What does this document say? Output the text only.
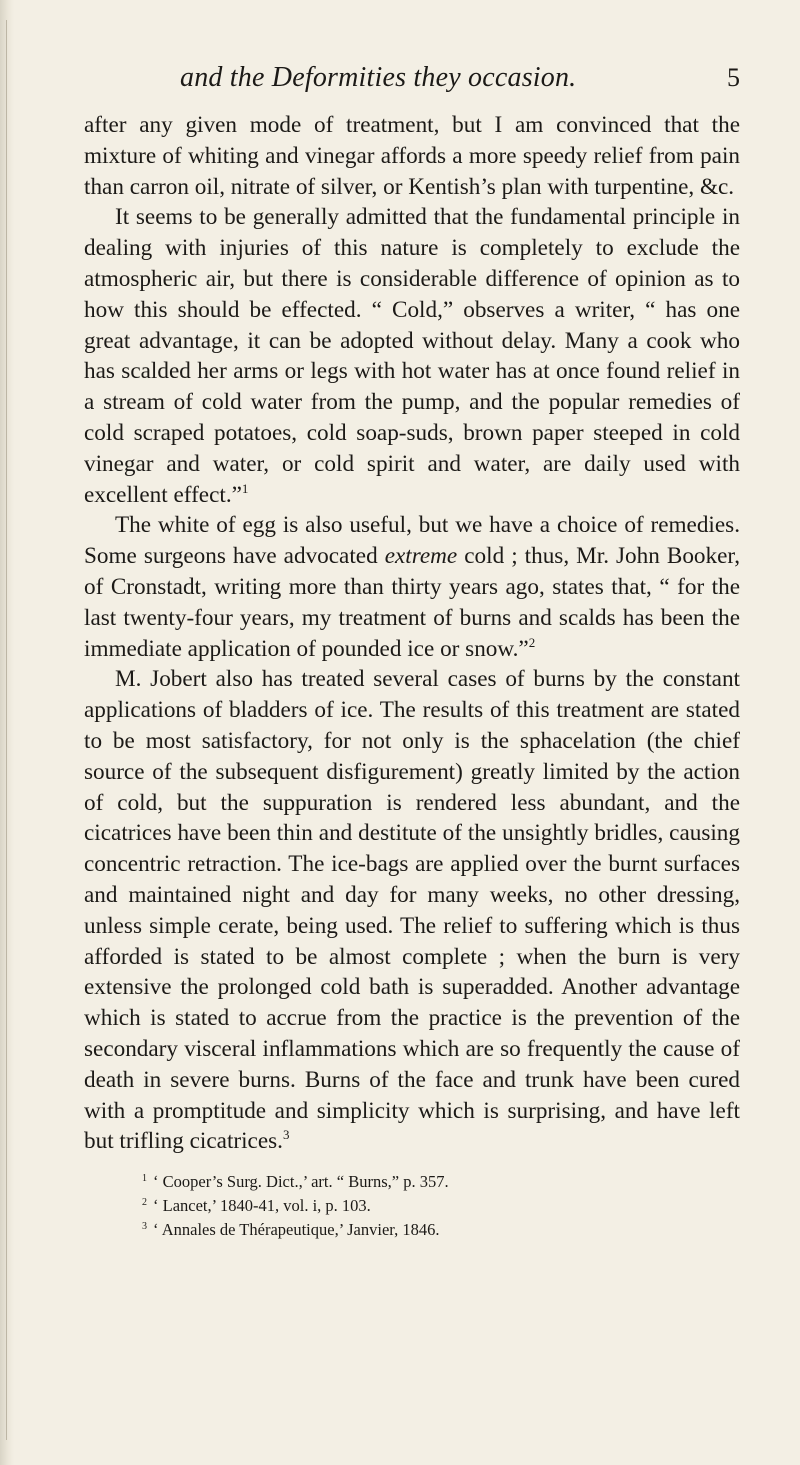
and the Deformities they occasion.	5

after any given mode of treatment, but I am convinced that the mixture of whiting and vinegar affords a more speedy relief from pain than carron oil, nitrate of silver, or Kentish’s plan with turpentine, &c.

It seems to be generally admitted that the fundamental principle in dealing with injuries of this nature is completely to exclude the atmospheric air, but there is considerable difference of opinion as to how this should be effected. “ Cold,” observes a writer, “ has one great advantage, it can be adopted without delay. Many a cook who has scalded her arms or legs with hot water has at once found relief in a stream of cold water from the pump, and the popular remedies of cold scraped potatoes, cold soap-suds, brown paper steeped in cold vinegar and water, or cold spirit and water, are daily used with excellent effect.”$^1$

The white of egg is also useful, but we have a choice of remedies. Some surgeons have advocated extreme cold ; thus, Mr. John Booker, of Cronstadt, writing more than thirty years ago, states that, “ for the last twenty-four years, my treatment of burns and scalds has been the immediate application of pounded ice or snow.”$^2$

M. Jobert also has treated several cases of burns by the constant applications of bladders of ice. The results of this treatment are stated to be most satisfactory, for not only is the sphacelation (the chief source of the subsequent disfigurement) greatly limited by the action of cold, but the suppuration is rendered less abundant, and the cicatrices have been thin and destitute of the unsightly bridles, causing concentric retraction. The ice-bags are applied over the burnt surfaces and maintained night and day for many weeks, no other dressing, unless simple cerate, being used. The relief to suffering which is thus afforded is stated to be almost complete ; when the burn is very extensive the prolonged cold bath is superadded. Another advantage which is stated to accrue from the practice is the prevention of the secondary visceral inflammations which are so frequently the cause of death in severe burns. Burns of the face and trunk have been cured with a promptitude and simplicity which is surprising, and have left but trifling cicatrices.$^3$

$^1$ ‘ Cooper’s Surg. Dict.,’ art. “ Burns,” p. 357.
$^2$ ‘ Lancet,’ 1840-41, vol. i, p. 103.
$^3$ ‘ Annales de Thérapeutique,’ Janvier, 1846.
